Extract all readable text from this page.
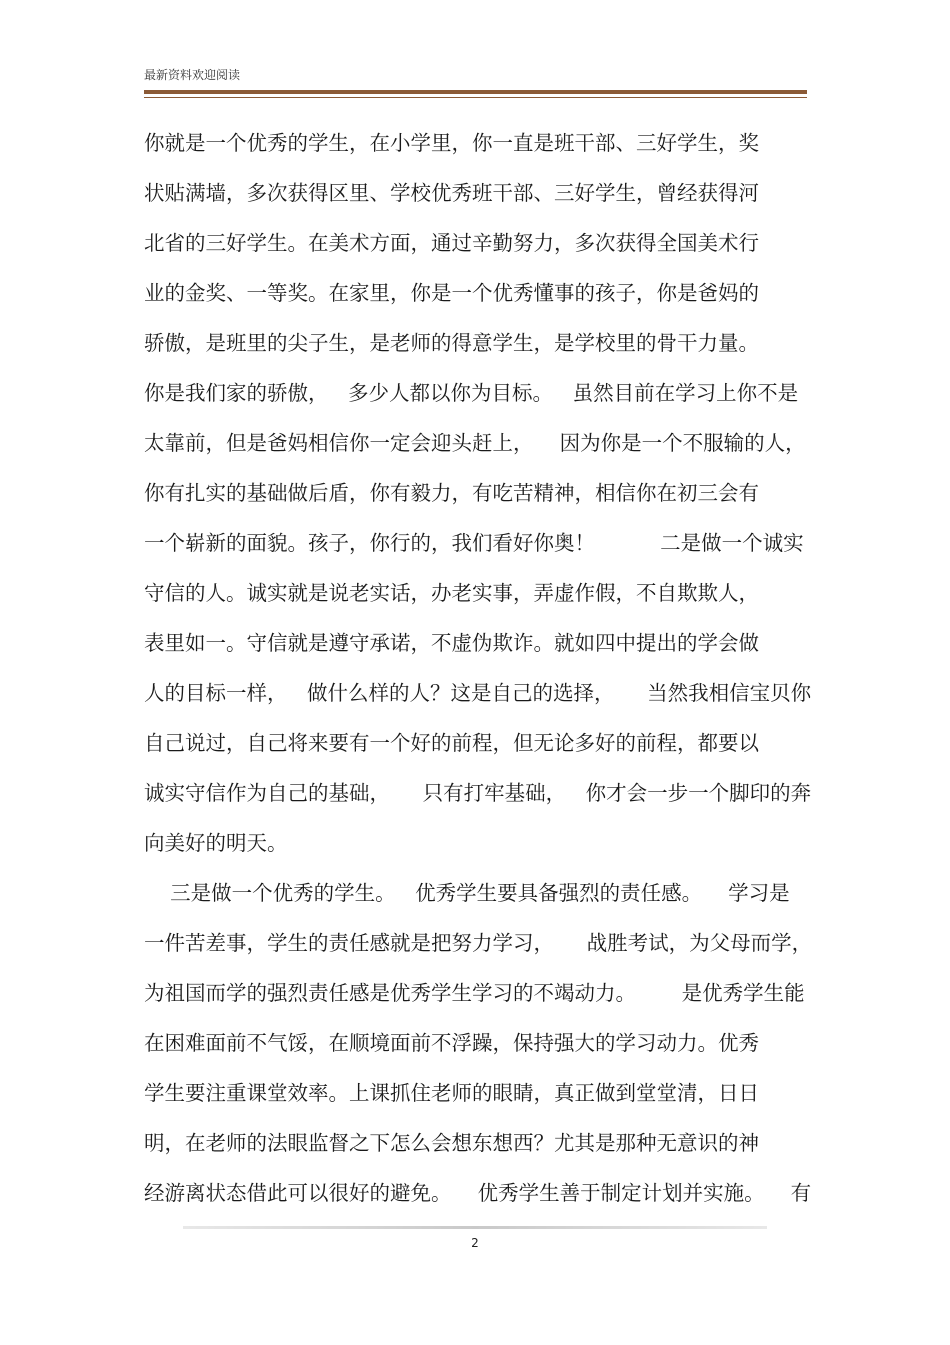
最新资料欢迎阅读
你就是一个优秀的学生，在小学里，你一直是班干部、三好学生，奖
状贴满墙，多次获得区里、学校优秀班干部、三好学生，曾经获得河
北省的三好学生。在美术方面，通过辛勤努力，多次获得全国美术行
业的金奖、一等奖。在家里，你是一个优秀懂事的孩子，你是爸妈的
骄傲，是班里的尖子生，是老师的得意学生，是学校里的骨干力量。
你是我们家的骄傲，   多少人都以你为目标。   虽然目前在学习上你不是
太靠前，但是爸妈相信你一定会迎头赶上，    因为你是一个不服输的人，
你有扎实的基础做后盾，你有毅力，有吃苦精神，相信你在初三会有
一个崭新的面貌。孩子，你行的，我们看好你奥！          二是做一个诚实
守信的人。诚实就是说老实话，办老实事，弄虚作假，不自欺欺人，
表里如一。守信就是遵守承诺，不虚伪欺诈。就如四中提出的学会做
人的目标一样，   做什么样的人？这是自己的选择，     当然我相信宝贝你
自己说过，自己将来要有一个好的前程，但无论多好的前程，都要以
诚实守信作为自己的基础，     只有打牢基础，   你才会一步一个脚印的奔
向美好的明天。
三是做一个优秀的学生。   优秀学生要具备强烈的责任感。    学习是
一件苦差事，学生的责任感就是把努力学习，     战胜考试，为父母而学，
为祖国而学的强烈责任感是优秀学生学习的不竭动力。       是优秀学生能
在困难面前不气馁，在顺境面前不浮躁，保持强大的学习动力。优秀
学生要注重课堂效率。上课抓住老师的眼睛，真正做到堂堂清，日日
明，在老师的法眼监督之下怎么会想东想西？尤其是那种无意识的神
经游离状态借此可以很好的避免。    优秀学生善于制定计划并实施。    有
2
